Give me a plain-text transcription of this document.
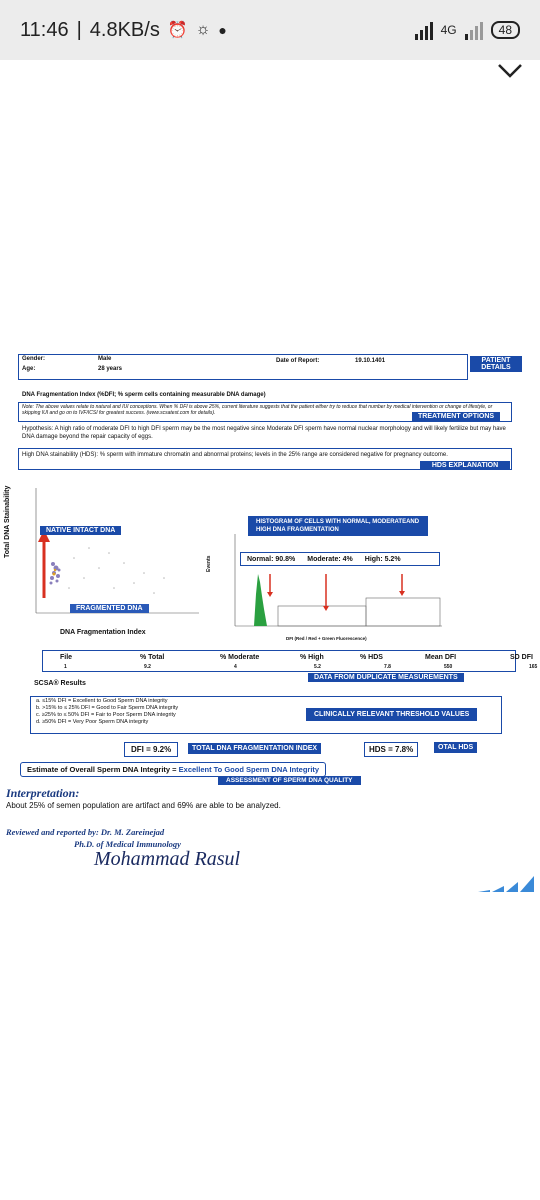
11:46 | 4.8KB/s ⏰ ☼ ●	4G	48
Gender:	Male
Age:	28 years
Date of Report:	19.10.1401	PATIENT DETAILS
DNA Fragmentation Index (%DFI; % sperm cells containing measurable DNA damage)
Note: The above values relate to natural and IUI conceptions. When % DFI is above 25%, current literature suggests that the patient either try to reduce that number by medical intervention or change of lifestyle, or skipping IUI and go on to IVF/ICSI for greatest success. (www.scsatest.com for details).	TREATMENT OPTIONS
Hypothesis: A high ratio of moderate DFI to high DFI sperm may be the most negative since Moderate DFI sperm have normal nuclear morphology and will likely fertilize but may have DNA damage beyond the repair capacity of eggs.
High DNA stainability (HDS): % sperm with immature chromatin and abnormal proteins; levels in the 25% range are considered negative for pregnancy outcome.
HDS EXPLANATION
Total DNA Stainability	NATIVE INTACT DNA
FRAGMENTED DNA
DNA Fragmentation Index
HISTOGRAM OF CELLS WITH NORMAL, MODERATEAND HIGH DNA FRAGMENTATION
Events	Normal: 90.8% Moderate: 4% High: 5.2%
DFI (Red / Red + Green Fluorescence)
File	% Total	% Moderate	% High	% HDS	Mean DFI	SD DFI
1	9.2	4	5.2	7.8	550	165
DATA FROM DUPLICATE MEASUREMENTS
SCSA® Results
a. ≤15% DFI = Excellent to Good Sperm DNA integrity
b. >15% to ≤ 25% DFI = Good to Fair Sperm DNA integrity
c. ≥25% to ≤ 50% DFI = Fair to Poor Sperm DNA integrity
d. ≥50% DFI = Very Poor Sperm DNA integrity
CLINICALLY RELEVANT THRESHOLD VALUES
DFI = 9.2%	TOTAL DNA FRAGMENTATION INDEX	HDS = 7.8%	OTAL HDS
Estimate of Overall Sperm DNA Integrity = Excellent To Good Sperm DNA Integrity
ASSESSMENT OF SPERM DNA QUALITY
Interpretation:
About 25% of semen population are artifact and 69% are able to be analyzed.
Reviewed and reported by: Dr. M. Zareinejad
Ph.D. of Medical Immunology
Mohammad Rasul
